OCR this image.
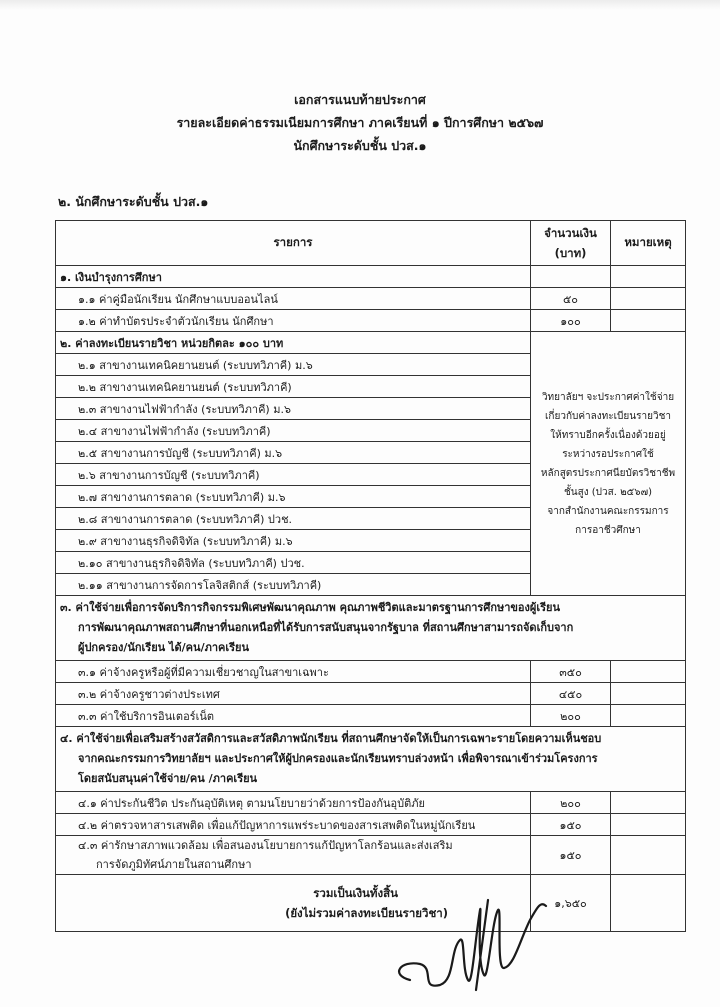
เอกสารแนบท้ายประกาศ
รายละเอียดค่าธรรมเนียมการศึกษา ภาคเรียนที่ ๑ ปีการศึกษา ๒๕๖๗
นักศึกษาระดับชั้น ปวส.๑
๒. นักศึกษาระดับชั้น ปวส.๑
รายการ	จำนวนเงิน
(บาท)	หมายเหตุ
๑. เงินบำรุงการศึกษา		
๑.๑ ค่าคู่มือนักเรียน นักศึกษาแบบออนไลน์	๕๐	
๑.๒ ค่าทำบัตรประจำตัวนักเรียน นักศึกษา	๑๐๐	
๒. ค่าลงทะเบียนรายวิชา หน่วยกิตละ ๑๐๐ บาท	วิทยาลัยฯ จะประกาศค่าใช้จ่ายเกี่ยวกับค่าลงทะเบียนรายวิชา
ให้ทราบอีกครั้งเนื่องด้วยอยู่ระหว่างรอประกาศใช้
หลักสูตรประกาศนียบัตรวิชาชีพชั้นสูง (ปวส. ๒๕๖๗)
จากสำนักงานคณะกรรมการการอาชีวศึกษา	

๒.๑ สาขางานเทคนิคยานยนต์ (ระบบทวิภาคี) ม.๖		
๒.๒ สาขางานเทคนิคยานยนต์ (ระบบทวิภาคี)		
๒.๓ สาขางานไฟฟ้ากำลัง (ระบบทวิภาคี) ม.๖		
๒.๔ สาขางานไฟฟ้ากำลัง (ระบบทวิภาคี)		
๒.๕ สาขางานการบัญชี (ระบบทวิภาคี) ม.๖		
๒.๖ สาขางานการบัญชี (ระบบทวิภาคี)		
๒.๗ สาขางานการตลาด (ระบบทวิภาคี) ม.๖		
๒.๘ สาขางานการตลาด (ระบบทวิภาคี) ปวช.		
๒.๙ สาขางานธุรกิจดิจิทัล (ระบบทวิภาคี) ม.๖		
๒.๑๐ สาขางานธุรกิจดิจิทัล (ระบบทวิภาคี) ปวช.		
๒.๑๑ สาขางานการจัดการโลจิสติกส์ (ระบบทวิภาคี)		

๓. ค่าใช้จ่ายเพื่อการจัดบริการกิจกรรมพิเศษพัฒนาคุณภาพ คุณภาพชีวิตและมาตรฐานการศึกษาของผู้เรียน
การพัฒนาคุณภาพสถานศึกษาที่นอกเหนือที่ได้รับการสนับสนุนจากรัฐบาล ที่สถานศึกษาสามารถจัดเก็บจาก
ผู้ปกครอง/นักเรียน ได้/คน/ภาคเรียน		

๓.๑ ค่าจ้างครูหรือผู้ที่มีความเชี่ยวชาญในสาขาเฉพาะ	๓๕๐	
๓.๒ ค่าจ้างครูชาวต่างประเทศ	๔๕๐	
๓.๓ ค่าใช้บริการอินเตอร์เน็ต	๒๐๐	

๔. ค่าใช้จ่ายเพื่อเสริมสร้างสวัสดิการและสวัสดิภาพนักเรียน ที่สถานศึกษาจัดให้เป็นการเฉพาะรายโดยความเห็นชอบ
จากคณะกรรมการวิทยาลัยฯ และประกาศให้ผู้ปกครองและนักเรียนทราบล่วงหน้า เพื่อพิจารณาเข้าร่วมโครงการ
โดยสนับสนุนค่าใช้จ่าย/คน /ภาคเรียน		

๔.๑ ค่าประกันชีวิต ประกันอุบัติเหตุ ตามนโยบายว่าด้วยการป้องกันอุบัติภัย	๒๐๐	
๔.๒ ค่าตรวจหาสารเสพติด เพื่อแก้ปัญหาการแพร่ระบาดของสารเสพติดในหมู่นักเรียน	๑๕๐	

๔.๓ ค่ารักษาสภาพแวดล้อม เพื่อสนองนโยบายการแก้ปัญหาโลกร้อนและส่งเสริม
การจัดภูมิทัศน์ภายในสถานศึกษา	๑๕๐	

รวมเป็นเงินทั้งสิ้น
(ยังไม่รวมค่าลงทะเบียนรายวิชา)	๑,๖๕๐	
